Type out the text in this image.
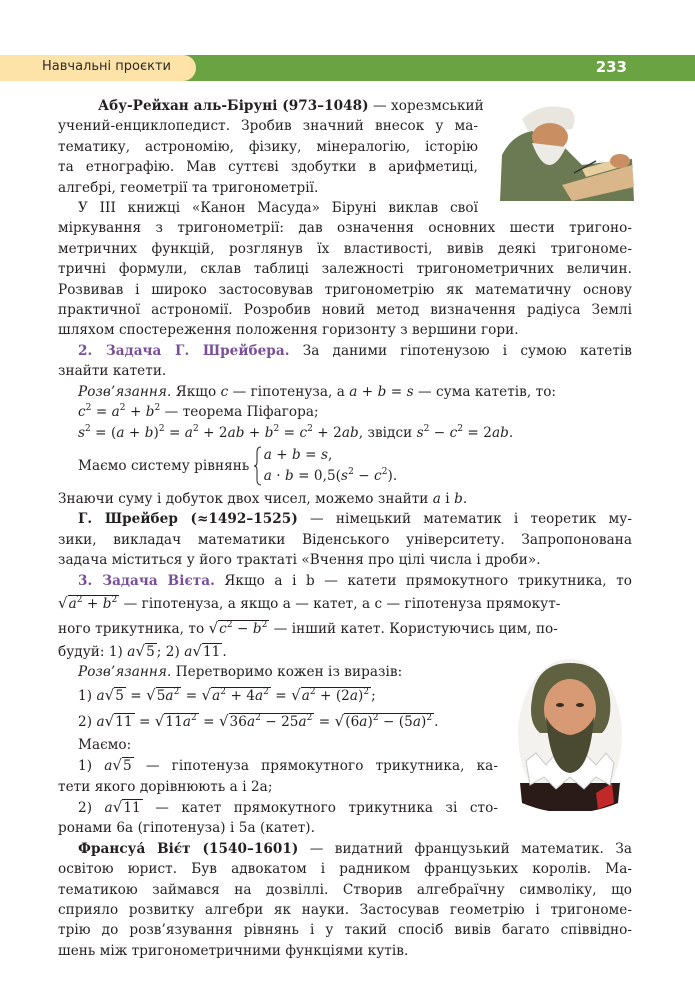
Навчальні проєкти	233
Абу-Рейхан аль-Біруні (973–1048) — хорезмський
учений-енциклопедист. Зробив значний внесок у ма-
тематику, астрономію, фізику, мінералогію, історію
та етнографію. Мав суттєві здобутки в арифметиці,
алгебрі, геометрії та тригонометрії.
У ІІІ книжці «Канон Масуда» Біруні виклав свої
міркування з тригонометрії: дав означення основних шести тригоно-
метричних функцій, розглянув їх властивості, вивів деякі тригономе-
тричні формули, склав таблиці залежності тригонометричних величин.
Розвивав і широко застосовував тригонометрію як математичну основу
практичної астрономії. Розробив новий метод визначення радіуса Землі
шляхом спостереження положення горизонту з вершини гори.
2. Задача Г. Шрейбера. За даними гіпотенузою і сумою катетів
знайти катети.
Розв’язання. Якщо c — гіпотенуза, а a + b = s — сума катетів, то:
$c^2 = a^2 + b^2$ — теорема Піфагора;
$s^2 = (a + b)^2 = a^2 + 2ab + b^2 = c^2 + 2ab$, звідси $s^2 - c^2 = 2ab$.
Маємо систему рівнянь
a + b = s,
$a \cdot b = 0,5(s^2 - c^2)$.
Знаючи суму і добуток двох чисел, можемо знайти a і b.
Г. Шрейбер (≈1492–1525) — німецький математик і теоретик му-
зики, викладач математики Віденського університету. Запропонована
задача міститься у його трактаті «Вчення про цілі числа і дроби».
3. Задача Вієта. Якщо a і b — катети прямокутного трикутника, то
$√a^2 + b^2$ — гіпотенуза, а якщо a — катет, а c — гіпотенуза прямокут-
ного трикутника, то $√c^2 - b^2$ — інший катет. Користуючись цим, по-
будуй: 1) a√5 ; 2) a√11 .
Розв’язання. Перетворимо кожен із виразів:
1) $a√5 = √5a^2 = √a^2 + 4a^2 = √a^2 + (2a)^2$ ;
2) $a√11 = √11a^2 = √36a^2 - 25a^2 = √(6a)^2 - (5a)^2$ .
Маємо:
1) a√5 — гіпотенуза прямокутного трикутника, ка-
тети якого дорівнюють a і 2a;
2) a√11 — катет прямокутного трикутника зі сто-
ронами 6a (гіпотенуза) і 5a (катет).
Франсуа́ Віє́т (1540–1601) — видатний французький математик. За
освітою юрист. Був адвокатом і радником французьких королів. Ма-
тематикою займався на дозвіллі. Створив алгебраїчну символіку, що
сприяло розвитку алгебри як науки. Застосував геометрію і тригономе-
трію до розв’язування рівнянь і у такий спосіб вивів багато співвідно-
шень між тригонометричними функціями кутів.
